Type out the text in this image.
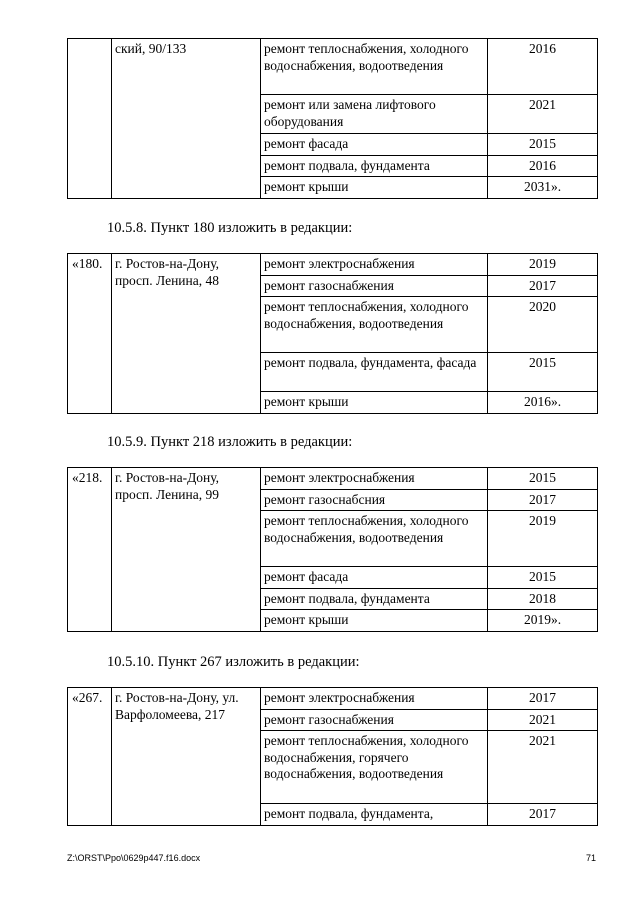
	ский, 90/133	ремонт теплоснабжения, холодного водоснабжения, водоотведения	2016
		ремонт или замена лифтового оборудования	2021
		ремонт фасада	2015
		ремонт подвала, фундамента	2016
		ремонт крыши	2031».
10.5.8. Пункт 180 изложить в редакции:
«180.	г. Ростов-на-Дону, просп. Ленина, 48	ремонт электроснабжения	2019
		ремонт газоснабжения	2017
		ремонт теплоснабжения, холодного водоснабжения, водоотведения	2020
		ремонт подвала, фундамента, фасада	2015
		ремонт крыши	2016».
10.5.9. Пункт 218 изложить в редакции:
«218.	г. Ростов-на-Дону, просп. Ленина, 99	ремонт электроснабжения	2015
		ремонт газоснабсния	2017
		ремонт теплоснабжения, холодного водоснабжения, водоотведения	2019
		ремонт фасада	2015
		ремонт подвала, фундамента	2018
		ремонт крыши	2019».
10.5.10. Пункт 267 изложить в редакции:
«267.	г. Ростов-на-Дону, ул. Варфоломеева, 217	ремонт электроснабжения	2017
		ремонт газоснабжения	2021
		ремонт теплоснабжения, холодного водоснабжения, горячего водоснабжения, водоотведения	2021
		ремонт подвала, фундамента,	2017
Z:\ORST\Ppo\0629p447.f16.docx	71
